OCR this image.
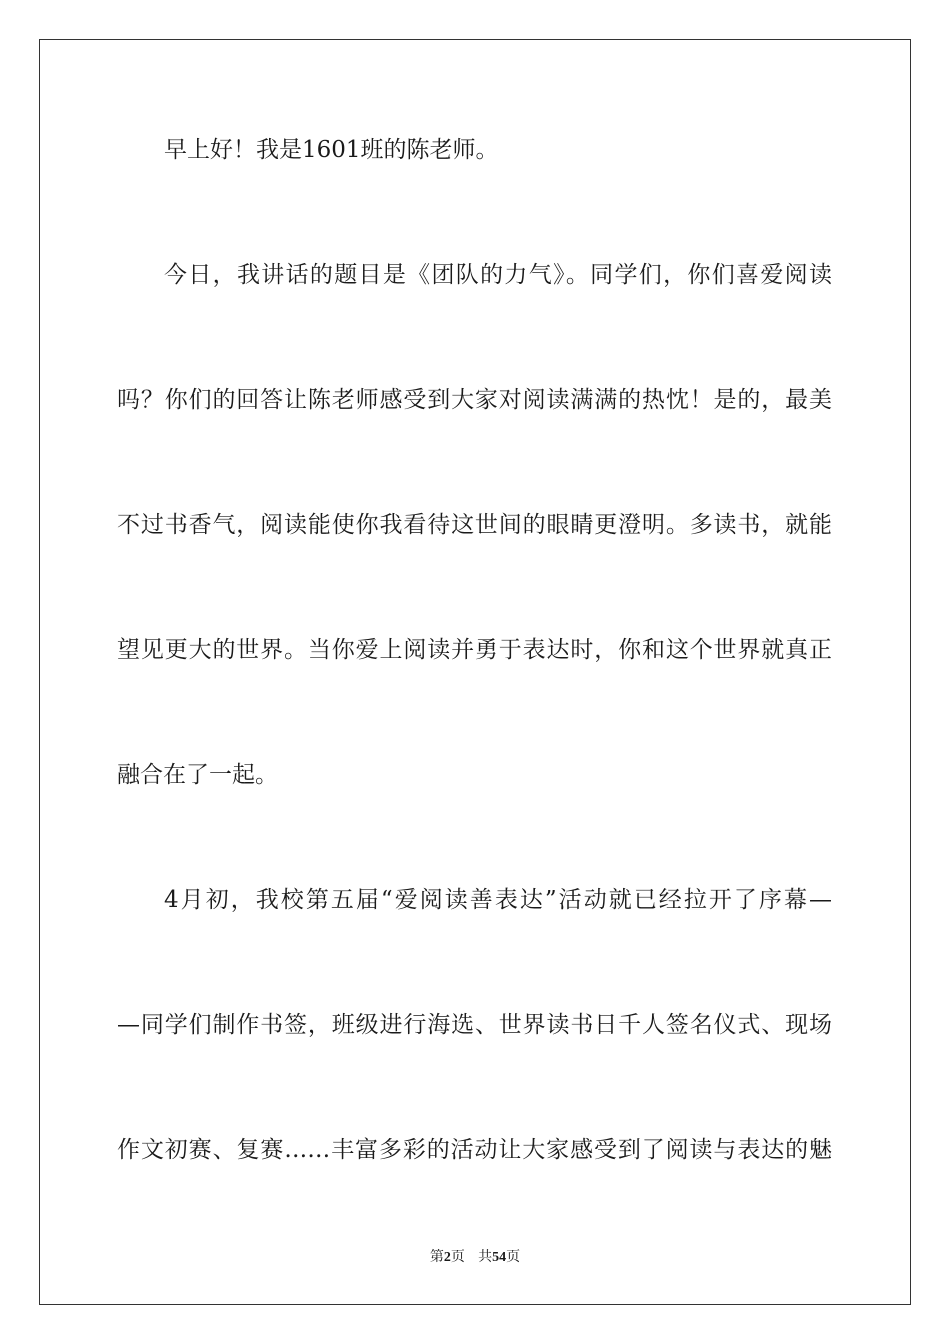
早上好！我是1601班的陈老师。
今日，我讲话的题目是《团队的力气》。同学们，你们喜爱阅读
吗？你们的回答让陈老师感受到大家对阅读满满的热忱！是的，最美
不过书香气，阅读能使你我看待这世间的眼睛更澄明。多读书，就能
望见更大的世界。当你爱上阅读并勇于表达时，你和这个世界就真正
融合在了一起。
4月初，我校第五届“爱阅读善表达”活动就已经拉开了序幕—
—同学们制作书签，班级进行海选、世界读书日千人签名仪式、现场
作文初赛、复赛……丰富多彩的活动让大家感受到了阅读与表达的魅
第2页 共54页
